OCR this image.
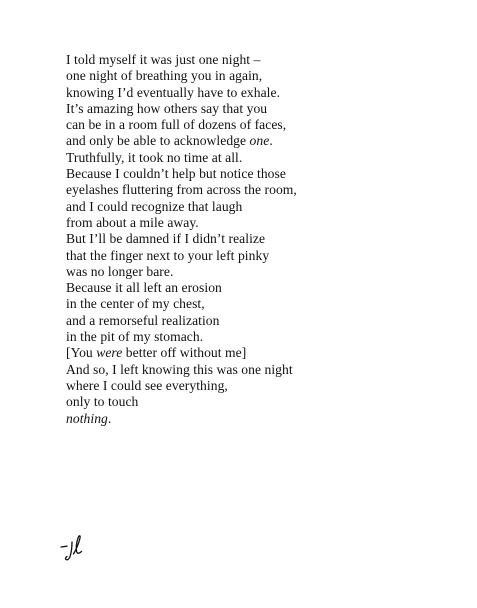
I told myself it was just one night –
one night of breathing you in again,
knowing I’d eventually have to exhale.
It’s amazing how others say that you
can be in a room full of dozens of faces,
and only be able to acknowledge one.
Truthfully, it took no time at all.
Because I couldn’t help but notice those
eyelashes fluttering from across the room,
and I could recognize that laugh
from about a mile away.
But I’ll be damned if I didn’t realize
that the finger next to your left pinky
was no longer bare.
Because it all left an erosion
in the center of my chest,
and a remorseful realization
in the pit of my stomach.
[You were better off without me]
And so, I left knowing this was one night
where I could see everything,
only to touch
nothing.
